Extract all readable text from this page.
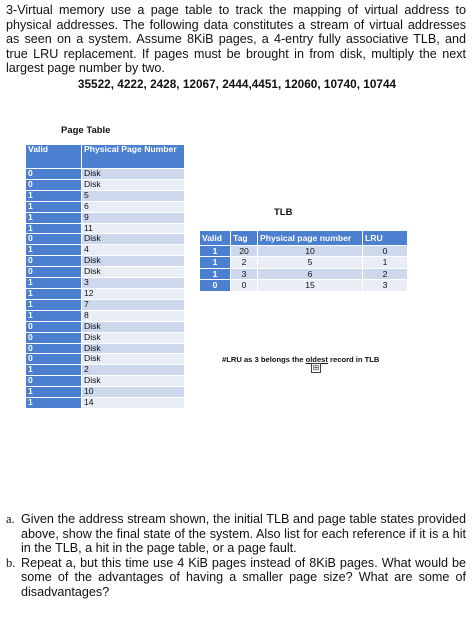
3-Virtual memory use a page table to track the mapping of virtual address to physical addresses. The following data constitutes a stream of virtual addresses as seen on a system. Assume 8KiB pages, a 4-entry fully associative TLB, and true LRU replacement. If pages must be brought in from disk, multiply the next largest page number by two.
35522, 4222, 2428, 12067, 2444,4451, 12060, 10740, 10744
Page Table
Valid	Physical Page Number
0	Disk
0	Disk
1	5
1	6
1	9
1	11
0	Disk
1	4
0	Disk
0	Disk
1	3
1	12
1	7
1	8
0	Disk
0	Disk
0	Disk
0	Disk
1	2
0	Disk
1	10
1	14
TLB
Valid	Tag	Physical page number	LRU
1	20	10	0
1	2	5	1
1	3	6	2
0	0	15	3
#LRU as 3 belongs the oldest record in TLB
⊞
a. Given the address stream shown, the initial TLB and page table states provided above, show the final state of the system. Also list for each reference if it is a hit in the TLB, a hit in the page table, or a page fault.
b. Repeat a, but this time use 4 KiB pages instead of 8KiB pages. What would be some of the advantages of having a smaller page size? What are some of disadvantages?
